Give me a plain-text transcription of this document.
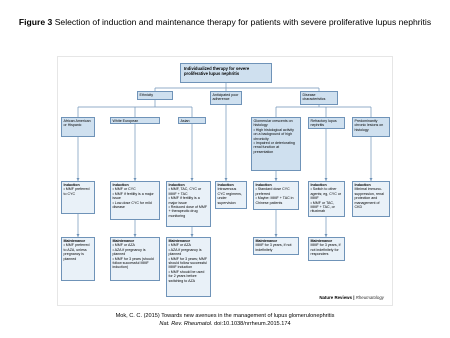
Figure 3 Selection of induction and maintenance therapy for patients with severe proliferative lupus nephritis
Individualized therapy for severe proliferative lupus nephritis
Ethnicity	Anticipated poor adherence
Disease characteristics
African American or Hispanic
White European	Asian	Glomerular crescents on histology
• High histological activity on a background of high chronicity
• Impaired or deteriorating renal function at presentation
Refractory lupus nephritis
Predominantly chronic lesions on histology
Induction
• MMF preferred to CYC
Induction
• MMF or CYC
• MMF if fertility is a major issue
• Low-dose CYC for mild disease
Induction
• MMF, TAC, CYC or MMF + TAC
• MMF if fertility is a major issue
• Reduced dose of MMF + therapeutic drug monitoring
Induction
Intravenous CYC regimens, under supervision
Induction
• Standard dose CYC preferred
• Maybe: MMF + TAC in Chinese patients
Induction
• Switch to other agents; eg, CYC or MMF
• MMF or TAC, MMF + TAC, or rituximab
Induction
Minimal immuno-suppression, renal protection and management of CKD
Maintenance
• MMF preferred to AZA, unless pregnancy is planned
Maintenance
• MMF or AZA
• AZA if pregnancy is planned
• MMF for 3 years (should follow successful MMF induction)
Maintenance
• MMF or AZA
• AZA if pregnancy is planned
• MMF for 3 years; MMF should follow successful MMF induction
• MMF should be used for 2 years before switching to AZA
Maintenance
MMF for 3 years, if not indefinitely
Maintenance
MMF for 3 years, if not indefinitely for responders
Nature Reviews | Rheumatology
Mok, C. C. (2015) Towards new avenues in the management of lupus glomerulonephritis
Nat. Rev. Rheumatol. doi:10.1038/nrrheum.2015.174
